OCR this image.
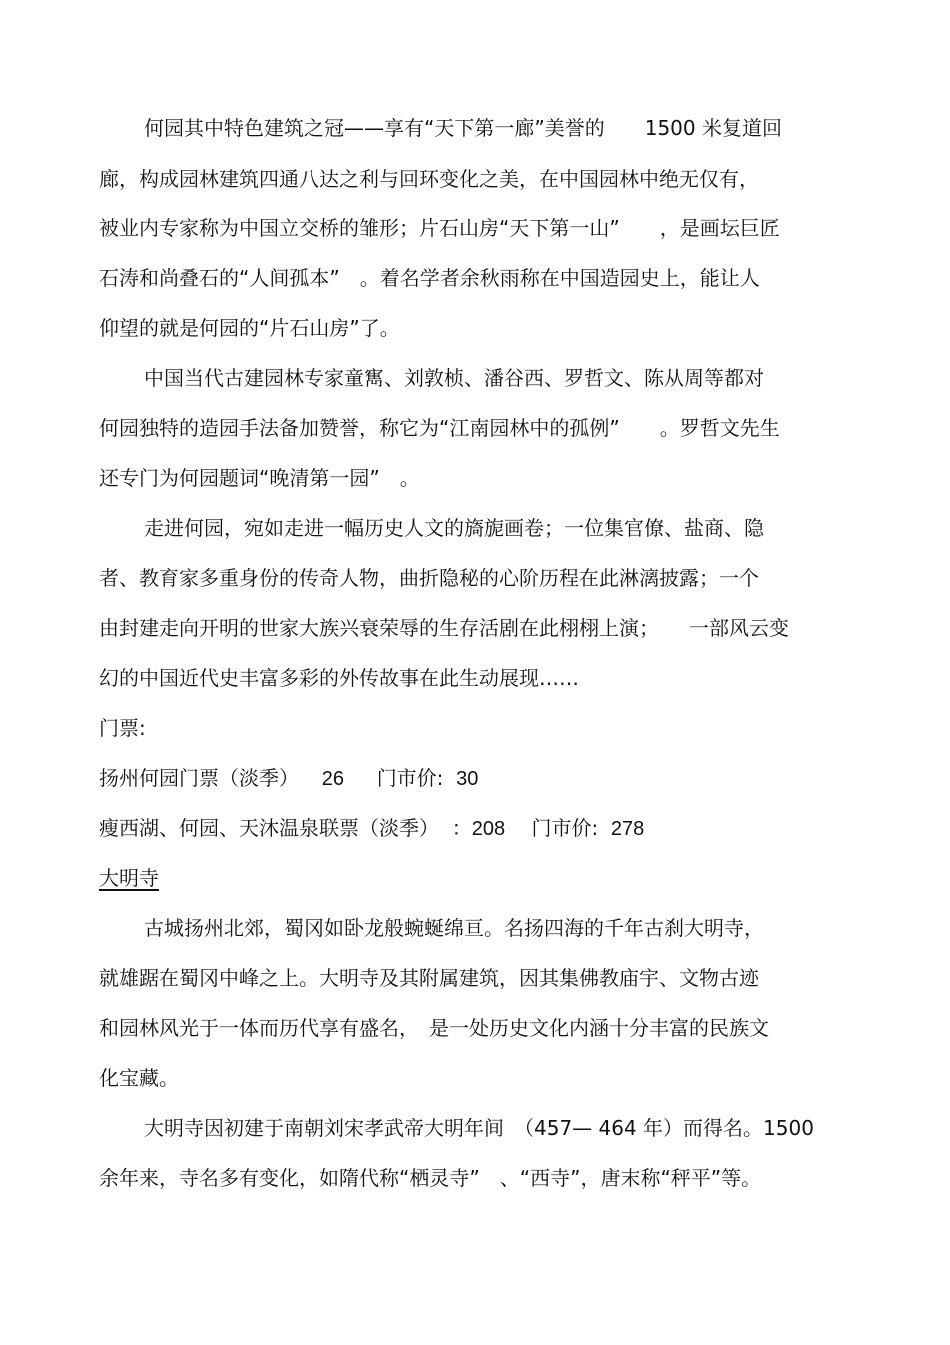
何园其中特色建筑之冠——享有“天下第一廊”美誉的　　1500 米复道回
廊，构成园林建筑四通八达之利与回环变化之美，在中国园林中绝无仅有，
被业内专家称为中国立交桥的雏形；片石山房“天下第一山”　　，是画坛巨匠
石涛和尚叠石的“人间孤本”　。着名学者余秋雨称在中国造园史上，能让人
仰望的就是何园的“片石山房”了。
中国当代古建园林专家童寯、刘敦桢、潘谷西、罗哲文、陈从周等都对
何园独特的造园手法备加赞誉，称它为“江南园林中的孤例”　　。罗哲文先生
还专门为何园题词“晚清第一园”　。
走进何园，宛如走进一幅历史人文的旖旎画卷；一位集官僚、盐商、隐
者、教育家多重身份的传奇人物，曲折隐秘的心阶历程在此淋漓披露；一个
由封建走向开明的世家大族兴衰荣辱的生存活剧在此栩栩上演；　　一部风云变
幻的中国近代史丰富多彩的外传故事在此生动展现……
门票:
扬州何园门票（淡季）　 26　 门市价: 30
瘦西湖、何园、天沐温泉联票（淡季） ：208　 门市价: 278
大明寺
古城扬州北郊，蜀冈如卧龙般蜿蜒绵亘。名扬四海的千年古刹大明寺，
就雄踞在蜀冈中峰之上。大明寺及其附属建筑，因其集佛教庙宇、文物古迹
和园林风光于一体而历代享有盛名，　是一处历史文化内涵十分丰富的民族文
化宝藏。
大明寺因初建于南朝刘宋孝武帝大明年间　（457— 464 年）而得名。1500
余年来，寺名多有变化，如隋代称“栖灵寺”　、“西寺”，唐末称“秤平”等。
